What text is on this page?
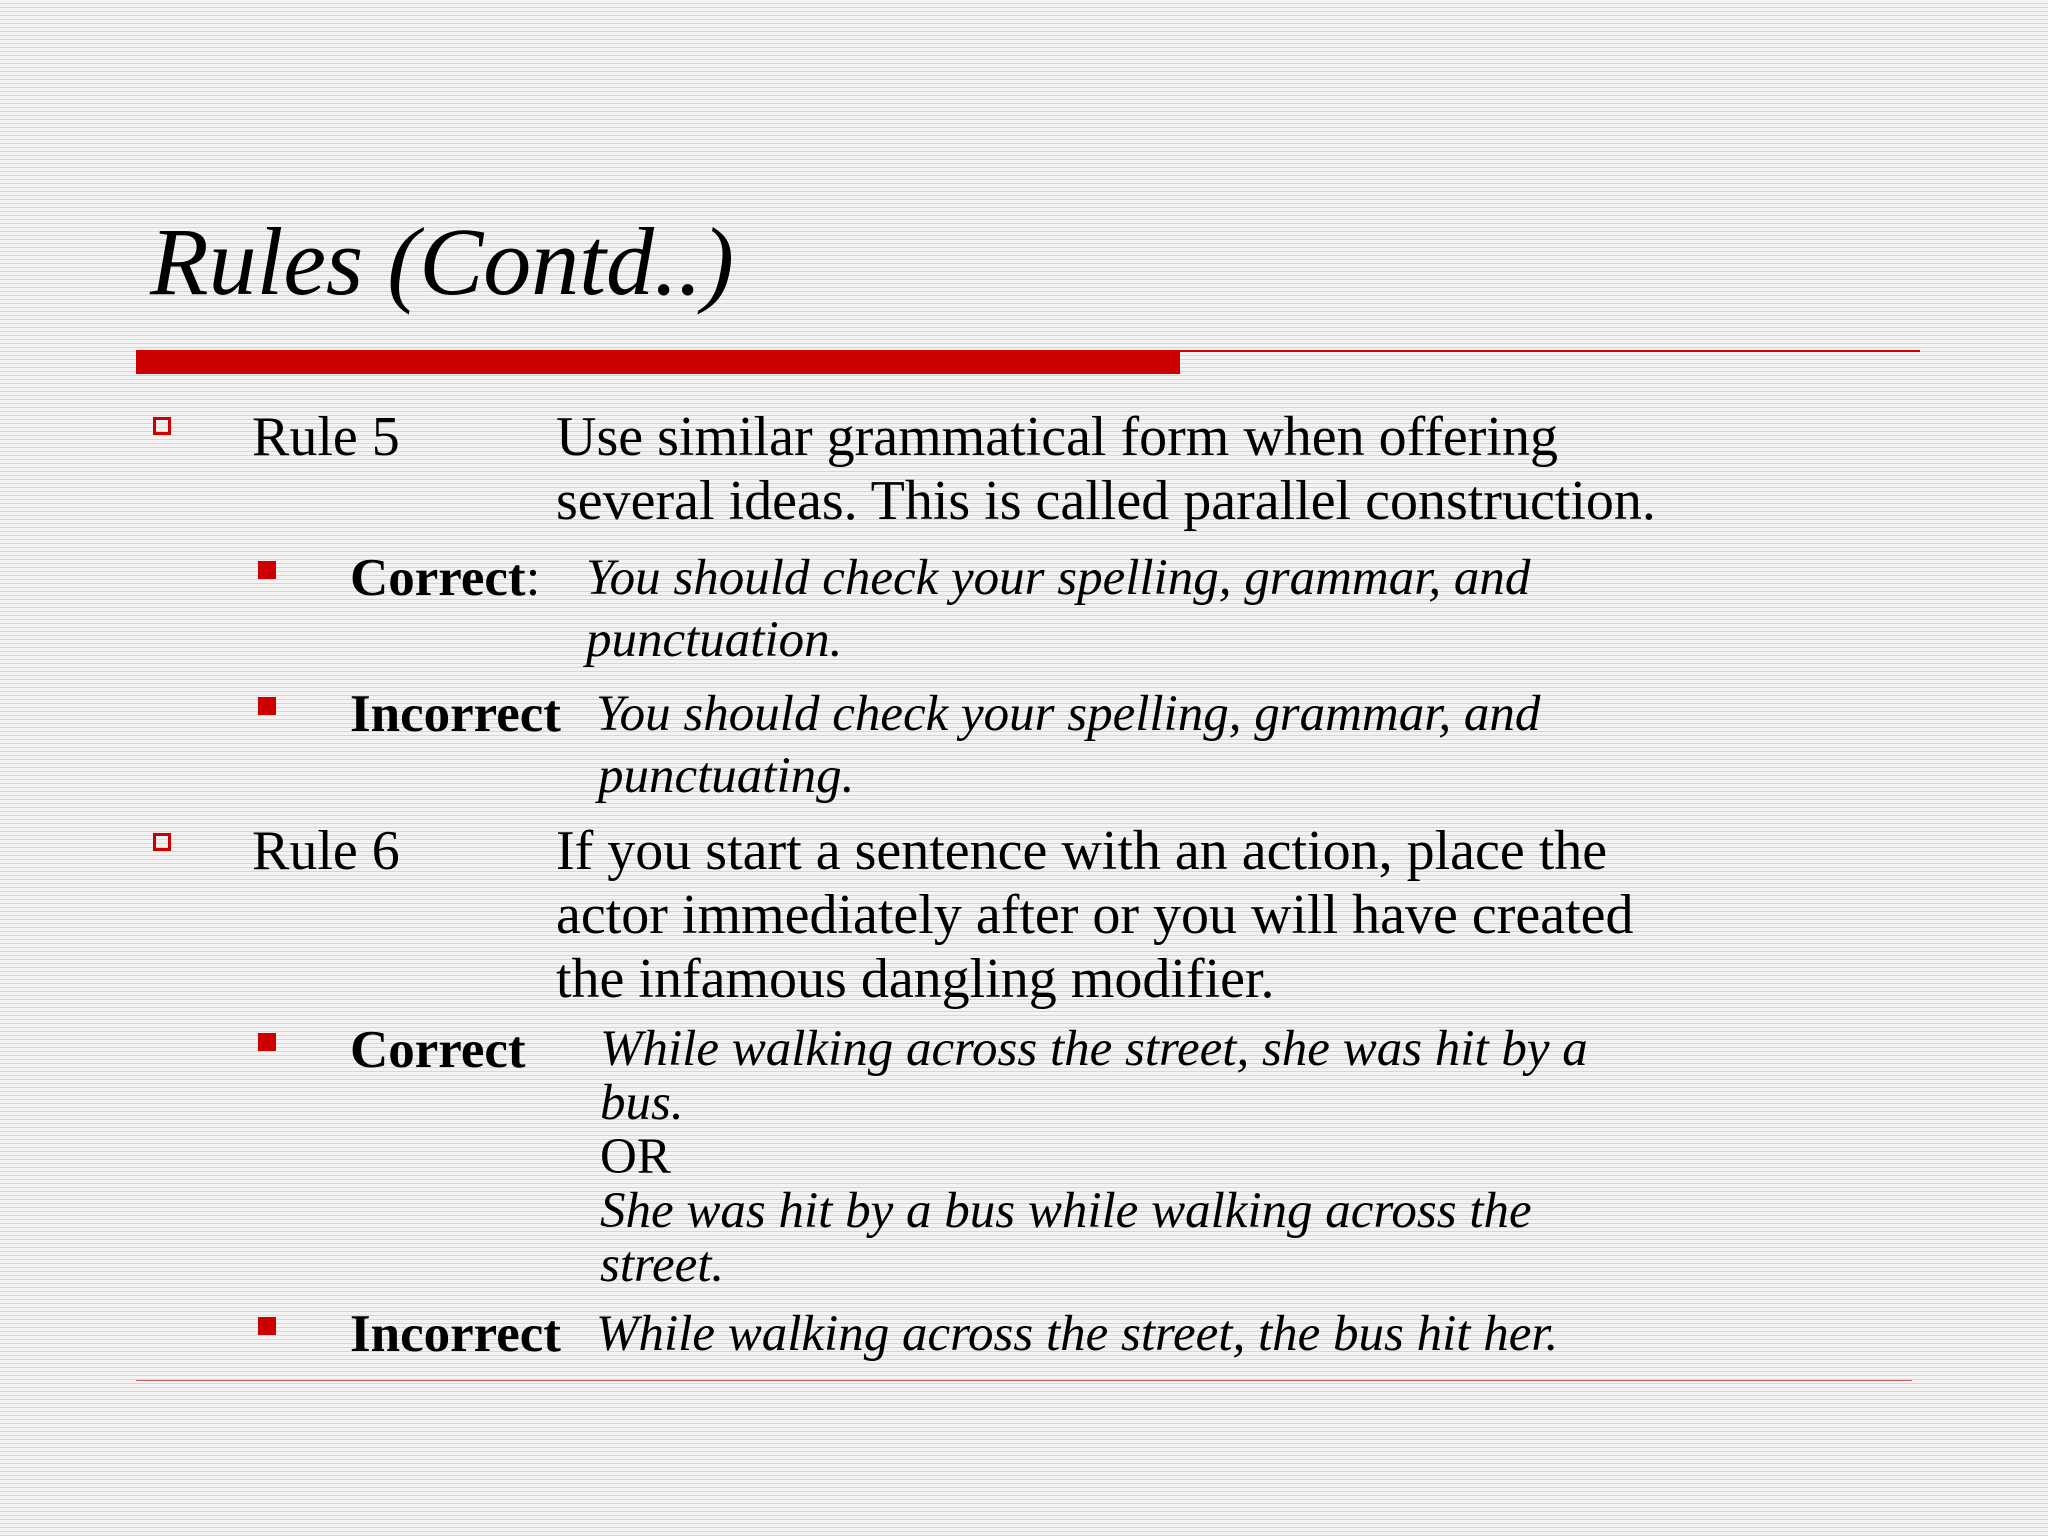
Rules (Contd..)
Rule 5	Use similar grammatical form when offering
several ideas. This is called parallel construction.
Correct: You should check your spelling, grammar, and
punctuation.
Incorrect You should check your spelling, grammar, and
punctuating.
Rule 6	If you start a sentence with an action, place the
actor immediately after or you will have created
the infamous dangling modifier.
Correct While walking across the street, she was hit by a
bus.
OR
She was hit by a bus while walking across the
street.
Incorrect While walking across the street, the bus hit her.
